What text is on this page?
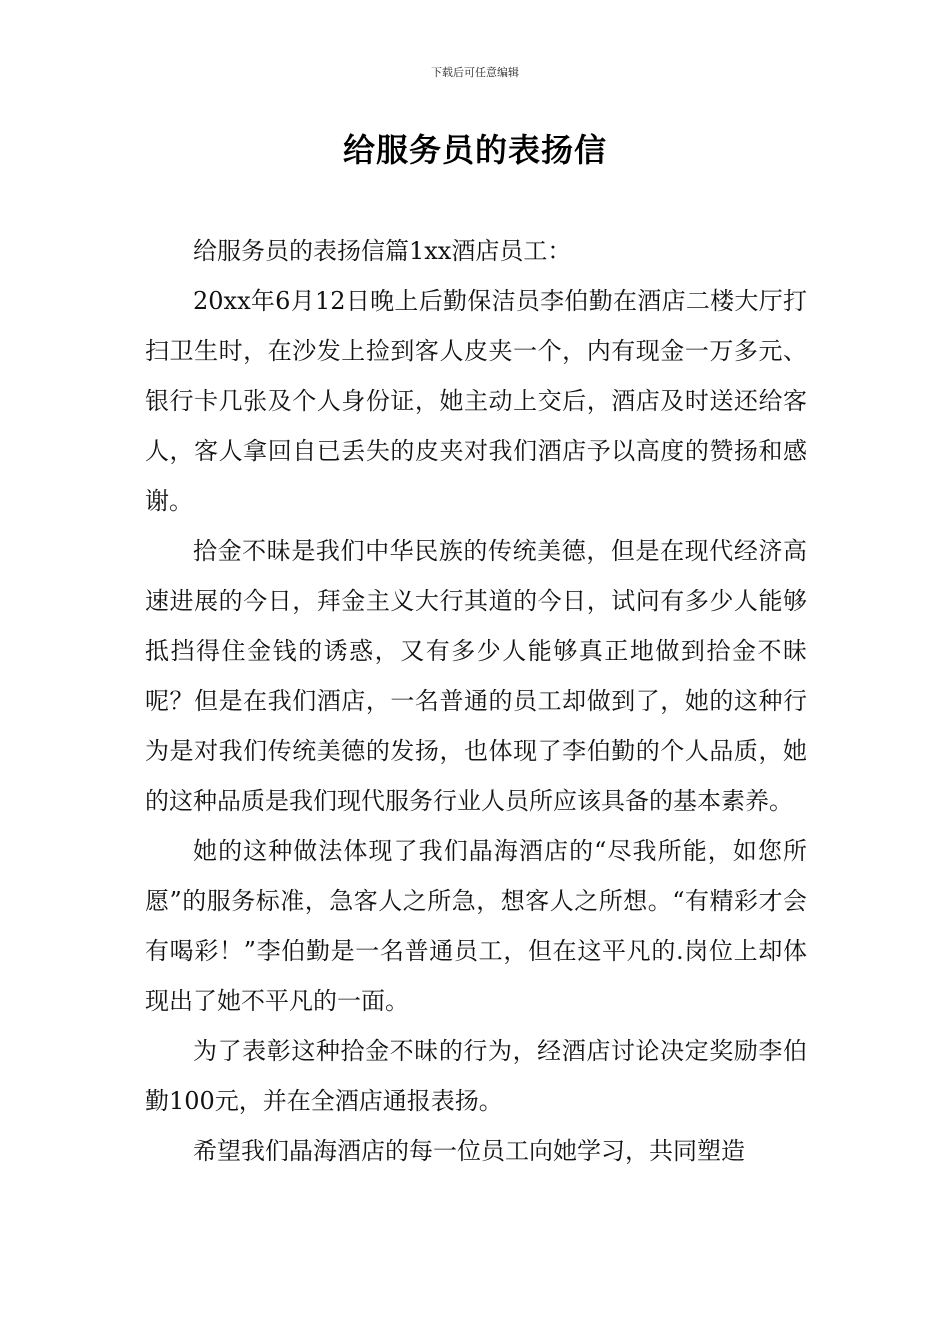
下载后可任意编辑
给服务员的表扬信

给服务员的表扬信篇1xx酒店员工：

20xx年6月12日晚上后勤保洁员李伯勤在酒店二楼大厅打扫卫生时，在沙发上捡到客人皮夹一个，内有现金一万多元、银行卡几张及个人身份证，她主动上交后，酒店及时送还给客人，客人拿回自已丢失的皮夹对我们酒店予以高度的赞扬和感谢。

拾金不昧是我们中华民族的传统美德，但是在现代经济高速进展的今日，拜金主义大行其道的今日，试问有多少人能够抵挡得住金钱的诱惑，又有多少人能够真正地做到拾金不昧呢？但是在我们酒店，一名普通的员工却做到了，她的这种行为是对我们传统美德的发扬，也体现了李伯勤的个人品质，她的这种品质是我们现代服务行业人员所应该具备的基本素养。

她的这种做法体现了我们晶海酒店的“尽我所能，如您所愿”的服务标准，急客人之所急，想客人之所想。“有精彩才会有喝彩！”李伯勤是一名普通员工，但在这平凡的.岗位上却体现出了她不平凡的一面。

为了表彰这种拾金不昧的行为，经酒店讨论决定奖励李伯勤100元，并在全酒店通报表扬。

希望我们晶海酒店的每一位员工向她学习，共同塑造
